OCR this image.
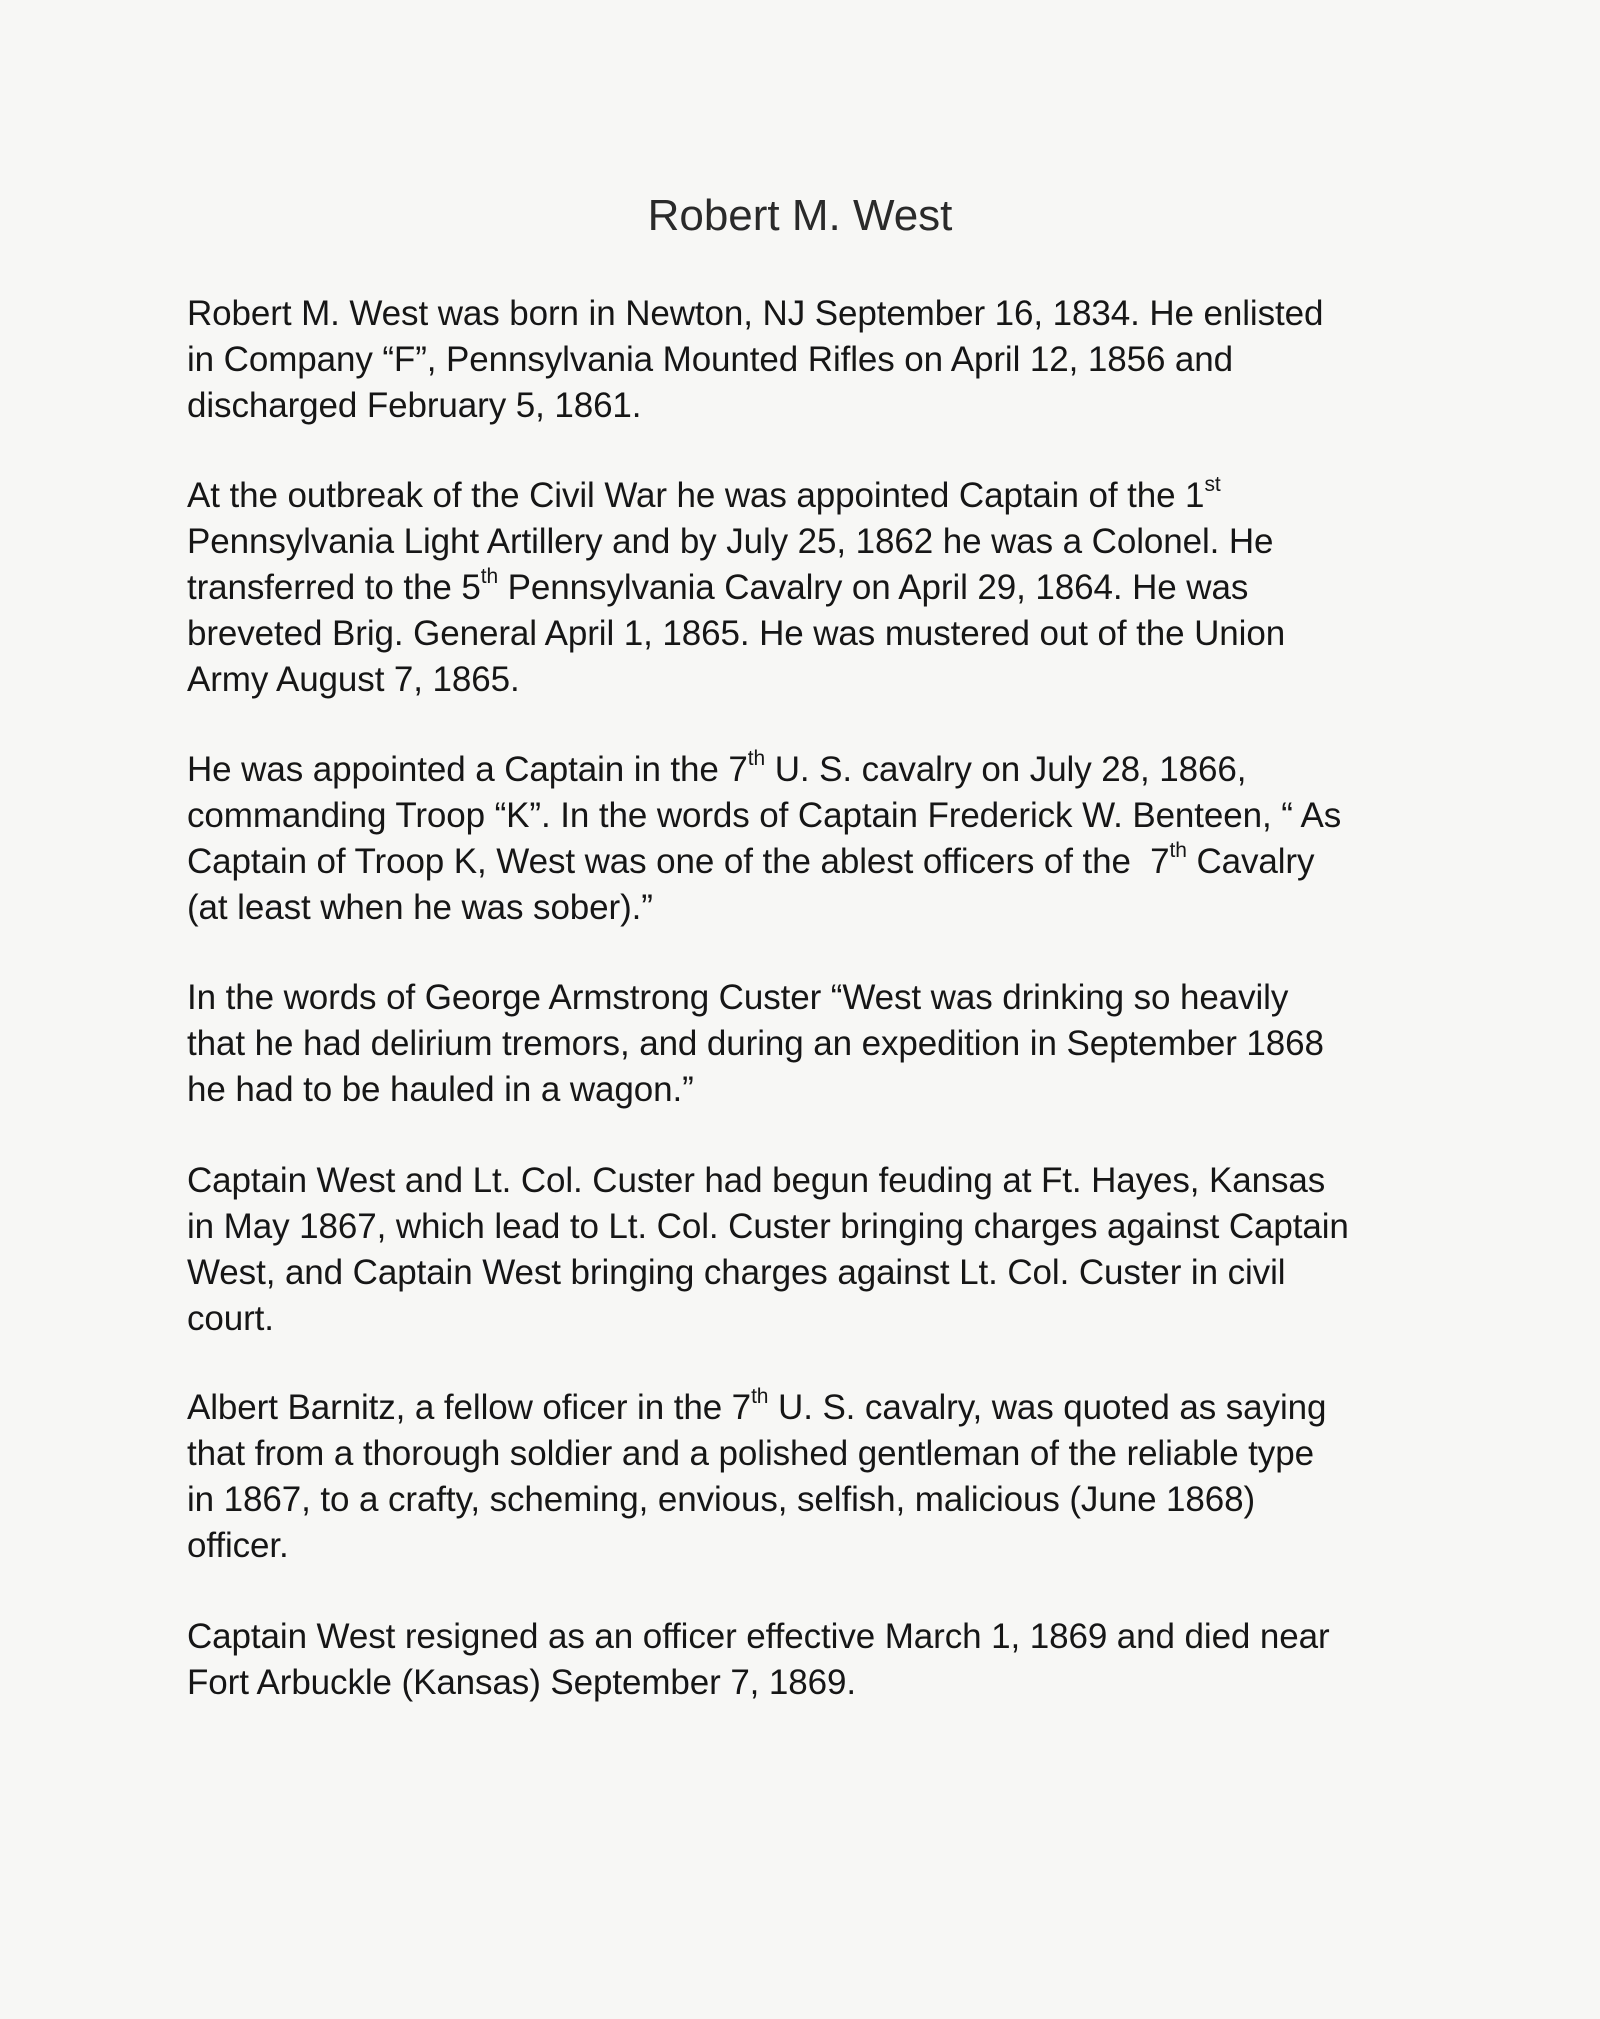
Robert M. West
Robert M. West was born in Newton, NJ September 16, 1834. He enlisted
in Company “F”, Pennsylvania Mounted Rifles on April 12, 1856 and
discharged February 5, 1861.
At the outbreak of the Civil War he was appointed Captain of the 1st
Pennsylvania Light Artillery and by July 25, 1862 he was a Colonel. He
transferred to the 5th Pennsylvania Cavalry on April 29, 1864. He was
breveted Brig. General April 1, 1865. He was mustered out of the Union
Army August 7, 1865.
He was appointed a Captain in the 7th U. S. cavalry on July 28, 1866,
commanding Troop “K”. In the words of Captain Frederick W. Benteen, “ As
Captain of Troop K, West was one of the ablest officers of the  7th Cavalry
(at least when he was sober).”
In the words of George Armstrong Custer “West was drinking so heavily
that he had delirium tremors, and during an expedition in September 1868
he had to be hauled in a wagon.”
Captain West and Lt. Col. Custer had begun feuding at Ft. Hayes, Kansas
in May 1867, which lead to Lt. Col. Custer bringing charges against Captain
West, and Captain West bringing charges against Lt. Col. Custer in civil
court.
Albert Barnitz, a fellow oficer in the 7th U. S. cavalry, was quoted as saying
that from a thorough soldier and a polished gentleman of the reliable type
in 1867, to a crafty, scheming, envious, selfish, malicious (June 1868)
officer.
Captain West resigned as an officer effective March 1, 1869 and died near
Fort Arbuckle (Kansas) September 7, 1869.
